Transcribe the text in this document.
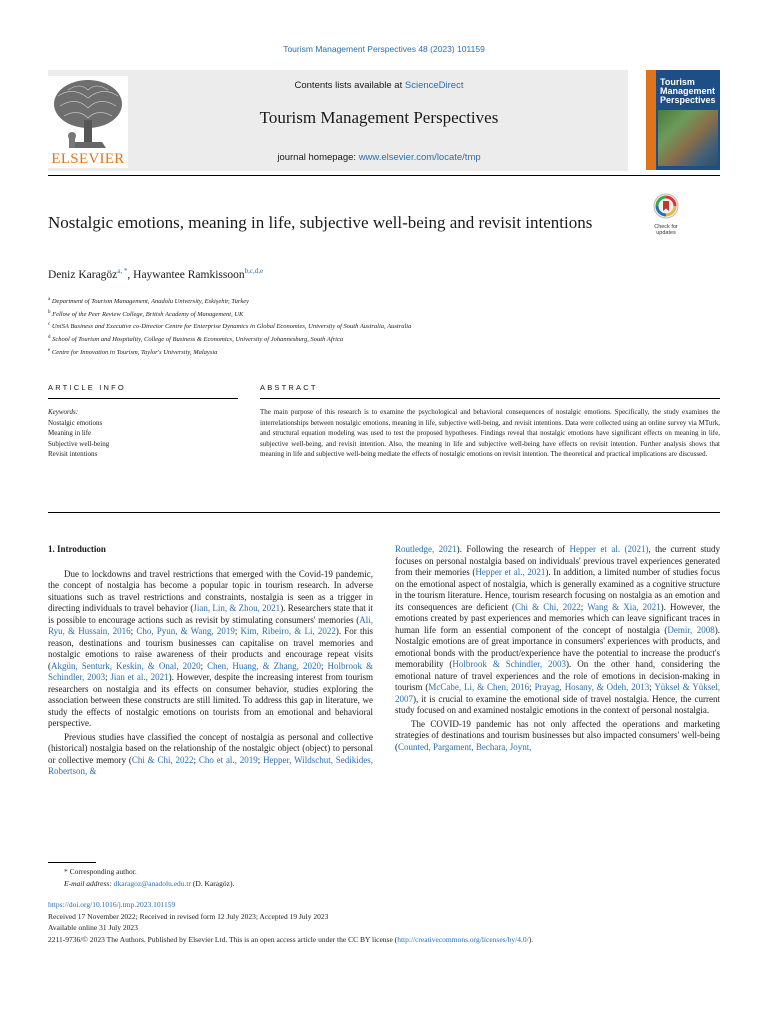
Tourism Management Perspectives 48 (2023) 101159
ELSEVIER
Contents lists available at ScienceDirect
Tourism Management Perspectives
journal homepage: www.elsevier.com/locate/tmp
Tourism
Management
Perspectives
Nostalgic emotions, meaning in life, subjective well-being and revisit intentions	Check for updates
Deniz Karagöz$^{a, *}$, Haywantee Ramkissoon$^{b,c,d,e}$
$^a$ Department of Tourism Management, Anadolu University, Eskişehir, Turkey
$^b$ Fellow of the Peer Review College, British Academy of Management, UK
$^c$ UniSA Business and Executive co-Director Centre for Enterprise Dynamics in Global Economies, University of South Australia, Australia
$^d$ School of Tourism and Hospitality, College of Business & Economics, University of Johannesburg, South Africa
$^e$ Centre for Innovation in Tourism, Taylor's University, Malaysia
ARTICLE INFO	ABSTRACT
Keywords:
Nostalgic emotions
Meaning in life
Subjective well-being
Revisit intentions
The main purpose of this research is to examine the psychological and behavioral consequences of nostalgic emotions. Specifically, the study examines the interrelationships between nostalgic emotions, meaning in life, subjective well-being, and revisit intentions. Data were collected using an online survey via MTurk, and structural equation modeling was used to test the proposed hypotheses. Findings reveal that nostalgic emotions have significant effects on meaning in life, subjective well-being, and revisit intention. Also, the meaning in life and subjective well-being have effects on revisit intention. Further analysis shows that meaning in life and subjective well-being mediate the effects of nostalgic emotions on revisit intention. The theoretical and practical implications are discussed.
1. Introduction
Due to lockdowns and travel restrictions that emerged with the Covid-19 pandemic, the concept of nostalgia has become a popular topic in tourism research. In adverse situations such as travel restrictions and constraints, nostalgia is seen as a trigger in directing individuals to travel behavior (Jian, Lin, & Zhou, 2021). Researchers state that it is possible to encourage actions such as revisit by stimulating consumers' memories (Ali, Ryu, & Hussain, 2016; Cho, Pyun, & Wang, 2019; Kim, Ribeiro, & Li, 2022). For this reason, destinations and tourism businesses can capitalise on travel memories and nostalgic emotions to raise awareness of their products and encourage repeat visits (Akgün, Senturk, Keskin, & Onal, 2020; Chen, Huang, & Zhang, 2020; Holbrook & Schindler, 2003; Jian et al., 2021). However, despite the increasing interest from tourism researchers on nostalgia and its effects on consumer behavior, studies exploring the association between these constructs are still limited. To address this gap in literature, we study the effects of nostalgic emotions on tourists from an emotional and behavioral perspective.
Previous studies have classified the concept of nostalgia as personal and collective (historical) nostalgia based on the relationship of the nostalgic object (object) to personal or collective memory (Chi & Chi, 2022; Cho et al., 2019; Hepper, Wildschut, Sedikides, Robertson, &
Routledge, 2021). Following the research of Hepper et al. (2021), the current study focuses on personal nostalgia based on individuals' previous travel experiences generated from their memories (Hepper et al., 2021). In addition, a limited number of studies focus on the emotional aspect of nostalgia, which is generally examined as a cognitive structure in the tourism literature. Hence, tourism research focusing on nostalgia as an emotion and its consequences are deficient (Chi & Chi, 2022; Wang & Xia, 2021). However, the emotions created by past experiences and memories which can leave significant traces in human life form an essential component of the concept of nostalgia (Demir, 2008). Nostalgic emotions are of great importance in consumers' experiences with products, and emotional bonds with the product/experience have the potential to increase the product's memorability (Holbrook & Schindler, 2003). On the other hand, considering the emotional nature of travel experiences and the role of emotions in decision-making in tourism (McCabe, Li, & Chen, 2016; Prayag, Hosany, & Odeh, 2013; Yüksel & Yüksel, 2007), it is crucial to examine the emotional side of travel nostalgia. Hence, the current study focused on and examined nostalgic emotions in the context of personal nostalgia.
The COVID-19 pandemic has not only affected the operations and marketing strategies of destinations and tourism businesses but also impacted consumers' well-being (Counted, Pargament, Bechara, Joynt,
* Corresponding author.
E-mail address: dkaragoz@anadolu.edu.tr (D. Karagöz).
https://doi.org/10.1016/j.tmp.2023.101159
Received 17 November 2022; Received in revised form 12 July 2023; Accepted 19 July 2023
Available online 31 July 2023
2211-9736/© 2023 The Authors. Published by Elsevier Ltd. This is an open access article under the CC BY license (http://creativecommons.org/licenses/by/4.0/).
